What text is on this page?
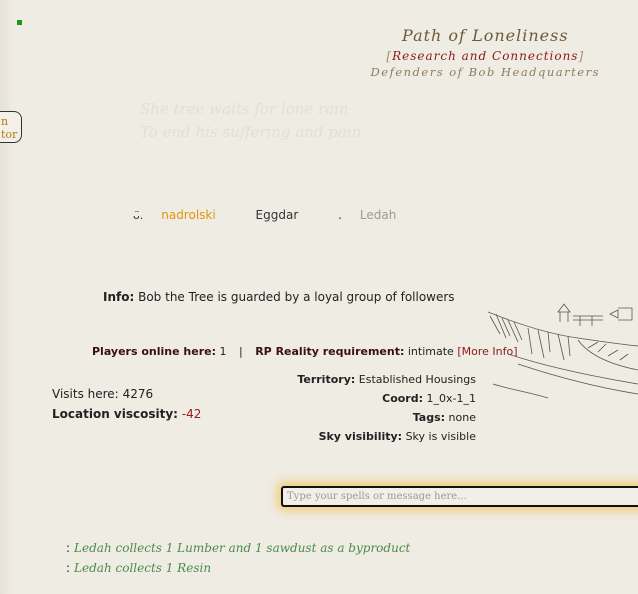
n
tor
Path of Loneliness
[Research and Connections]
Defenders of Bob Headquarters
She tree waits for lone rain
To end his suffering and pain
ᴗ̈. nadrolski	Eggdar	. Ledah
Info: Bob the Tree is guarded by a loyal group of followers
Players online here: 1 | RP Reality requirement: intimate [More Info]
Visits here: 4276
Location viscosity: -42
Territory: Established Housings
Coord: 1_0x-1_1
Tags: none
Sky visibility: Sky is visible
Type your spells or message here...
: Ledah collects 1 Lumber and 1 sawdust as a byproduct
: Ledah collects 1 Resin
